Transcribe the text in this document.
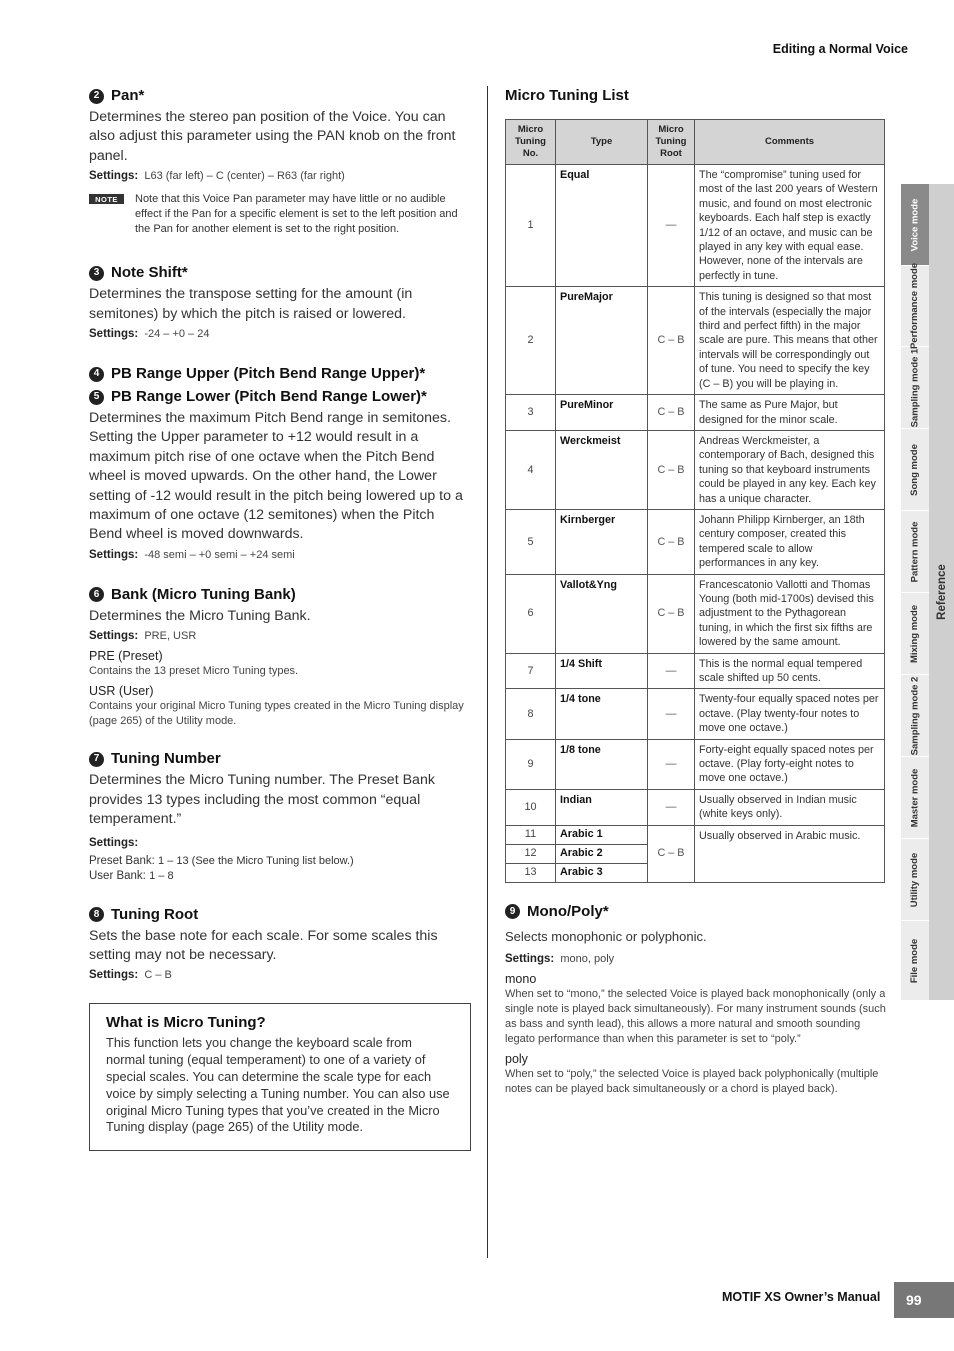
Editing a Normal Voice
2 Pan*

Determines the stereo pan position of the Voice. You can also adjust this parameter using the PAN knob on the front panel.

Settings: L63 (far left) – C (center) – R63 (far right)

NOTE	Note that this Voice Pan parameter may have little or no audible effect if the Pan for a specific element is set to the left position and the Pan for another element is set to the right position.
3 Note Shift*

Determines the transpose setting for the amount (in semitones) by which the pitch is raised or lowered.

Settings: -24 – +0 – 24

4 PB Range Upper (Pitch Bend Range Upper)*
5 PB Range Lower (Pitch Bend Range Lower)*

Determines the maximum Pitch Bend range in semitones. Setting the Upper parameter to +12 would result in a maximum pitch rise of one octave when the Pitch Bend wheel is moved upwards. On the other hand, the Lower setting of -12 would result in the pitch being lowered up to a maximum of one octave (12 semitones) when the Pitch Bend wheel is moved downwards.

Settings: -48 semi – +0 semi – +24 semi

6 Bank (Micro Tuning Bank)

Determines the Micro Tuning Bank.

Settings: PRE, USR

PRE (Preset)
Contains the 13 preset Micro Tuning types.
USR (User)
Contains your original Micro Tuning types created in the Micro Tuning display (page 265) of the Utility mode.
7 Tuning Number

Determines the Micro Tuning number. The Preset Bank provides 13 types including the most common “equal temperament.”

Settings:

Preset Bank: 1 – 13 (See the Micro Tuning list below.)
User Bank: 1 – 8
8 Tuning Root

Sets the base note for each scale. For some scales this setting may not be necessary.

Settings: C – B

What is Micro Tuning?
This function lets you change the keyboard scale from normal tuning (equal temperament) to one of a variety of special scales. You can determine the scale type for each voice by simply selecting a Tuning number. You can also use original Micro Tuning types that you’ve created in the Micro Tuning display (page 265) of the Utility mode.
Micro Tuning List
Micro Tuning No.	Type	Micro Tuning Root	Comments
1	Equal	—	The “compromise” tuning used for most of the last 200 years of Western music, and found on most electronic keyboards. Each half step is exactly 1/12 of an octave, and music can be played in any key with equal ease. However, none of the intervals are perfectly in tune.
2	PureMajor	C – B	This tuning is designed so that most of the intervals (especially the major third and perfect fifth) in the major scale are pure. This means that other intervals will be correspondingly out of tune. You need to specify the key (C – B) you will be playing in.
3	PureMinor	C – B	The same as Pure Major, but designed for the minor scale.
4	Werckmeist	C – B	Andreas Werckmeister, a contemporary of Bach, designed this tuning so that keyboard instruments could be played in any key. Each key has a unique character.
5	Kirnberger	C – B	Johann Philipp Kirnberger, an 18th century composer, created this tempered scale to allow performances in any key.
6	Vallot&Yng	C – B	Francescatonio Vallotti and Thomas Young (both mid-1700s) devised this adjustment to the Pythagorean tuning, in which the first six fifths are lowered by the same amount.
7	1/4 Shift	—	This is the normal equal tempered scale shifted up 50 cents.
8	1/4 tone	—	Twenty-four equally spaced notes per octave. (Play twenty-four notes to move one octave.)
9	1/8 tone	—	Forty-eight equally spaced notes per octave. (Play forty-eight notes to move one octave.)
10	Indian	—	Usually observed in Indian music (white keys only).
11	Arabic 1	C – B	Usually observed in Arabic music.
12	Arabic 2		
13	Arabic 3		
9 Mono/Poly*

Selects monophonic or polyphonic.

Settings: mono, poly

mono
When set to “mono,” the selected Voice is played back monophonically (only a single note is played back simultaneously). For many instrument sounds (such as bass and synth lead), this allows a more natural and smooth sounding legato performance than when this parameter is set to “poly.”
poly
When set to “poly,” the selected Voice is played back polyphonically (multiple notes can be played back simultaneously or a chord is played back).
Voice mode
Performance mode
Sampling mode 1
Song mode
Pattern mode
Mixing mode
Sampling mode 2
Master mode
Utility mode
File mode
Reference
MOTIF XS Owner’s Manual	99
